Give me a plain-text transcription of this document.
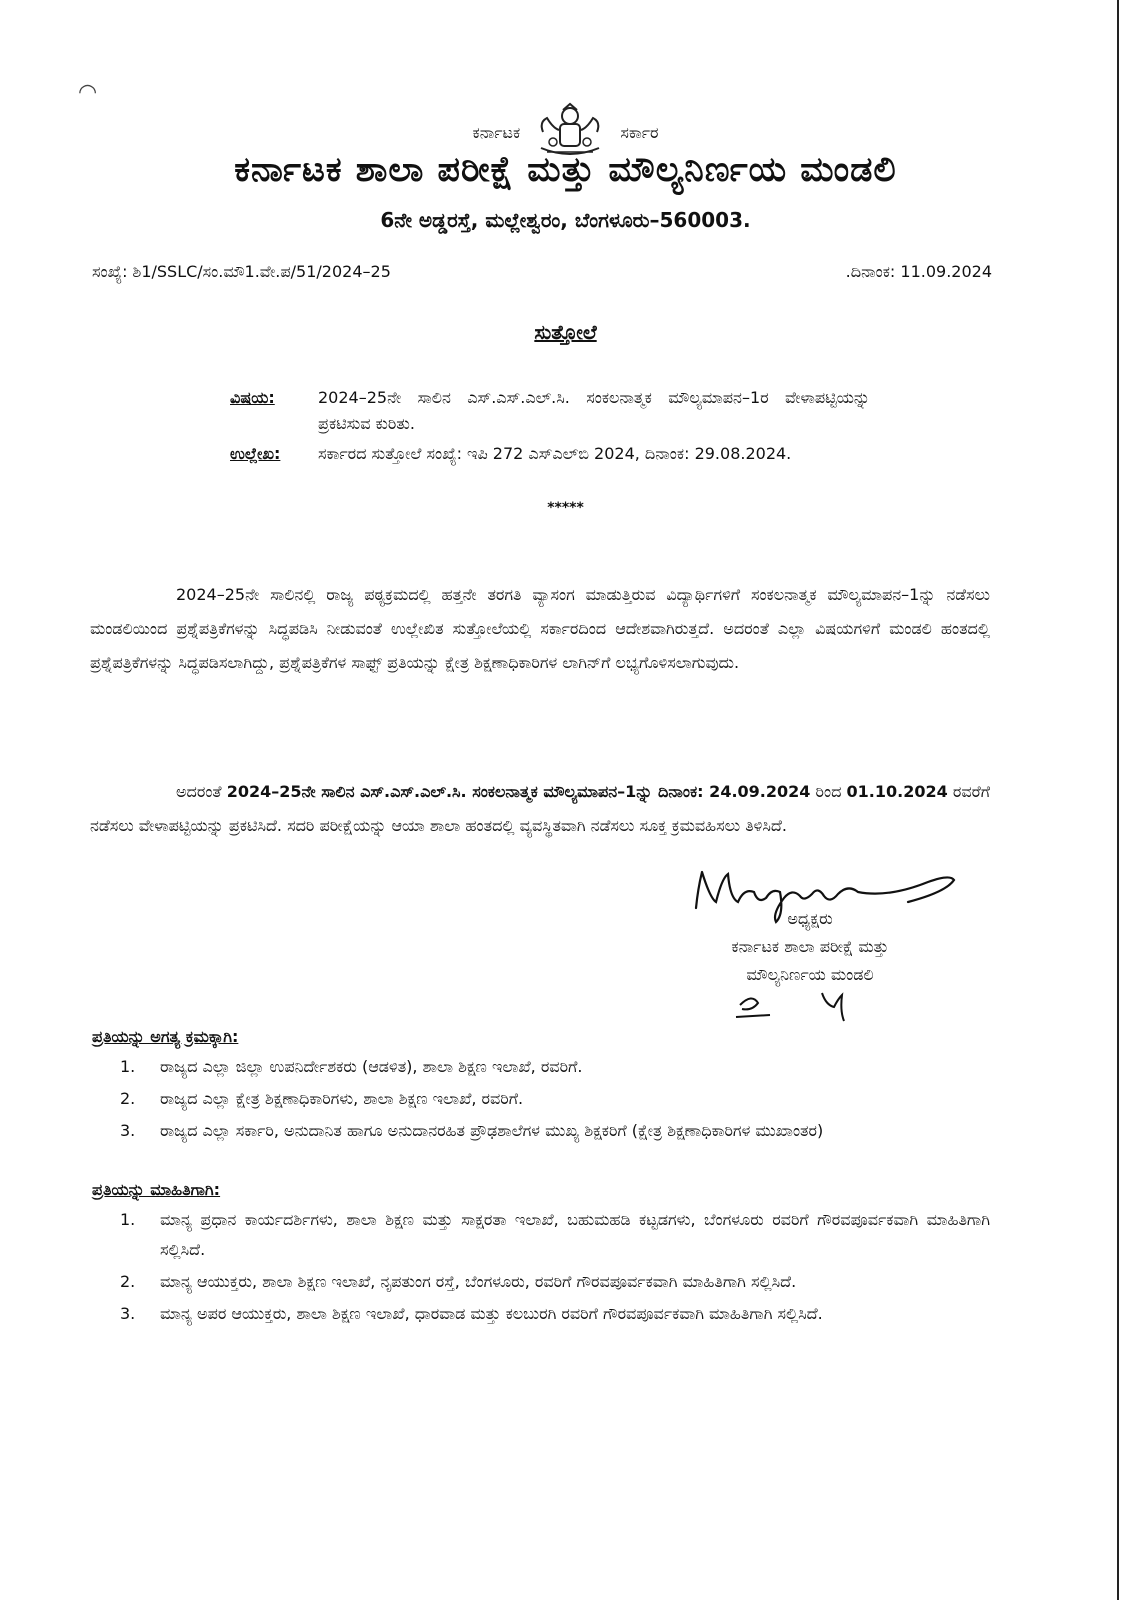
◠
ಕರ್ನಾಟಕ	ಸರ್ಕಾರ
ಕರ್ನಾಟಕ ಶಾಲಾ ಪರೀಕ್ಷೆ ಮತ್ತು ಮೌಲ್ಯನಿರ್ಣಯ ಮಂಡಲಿ
6ನೇ ಅಡ್ಡರಸ್ತೆ, ಮಲ್ಲೇಶ್ವರಂ, ಬೆಂಗಳೂರು–560003.
ಸಂಖ್ಯೆ: ಶಿ1/SSLC/ಸಂ.ಮೌ1.ವೇ.ಪ/51/2024–25	.ದಿನಾಂಕ: 11.09.2024
ಸುತ್ತೋಲೆ
ವಿಷಯ:	2024–25ನೇ ಸಾಲಿನ ಎಸ್.ಎಸ್.ಎಲ್.ಸಿ. ಸಂಕಲನಾತ್ಮಕ ಮೌಲ್ಯಮಾಪನ–1ರ ವೇಳಾಪಟ್ಟಿಯನ್ನು ಪ್ರಕಟಿಸುವ ಕುರಿತು.
ಉಲ್ಲೇಖ:	ಸರ್ಕಾರದ ಸುತ್ತೋಲೆ ಸಂಖ್ಯೆ: ಇಪಿ 272 ಎಸ್‌ಎಲ್‌ಬಿ 2024, ದಿನಾಂಕ: 29.08.2024.
*****
2024–25ನೇ ಸಾಲಿನಲ್ಲಿ ರಾಜ್ಯ ಪಠ್ಯಕ್ರಮದಲ್ಲಿ ಹತ್ತನೇ ತರಗತಿ ವ್ಯಾಸಂಗ ಮಾಡುತ್ತಿರುವ ವಿದ್ಯಾರ್ಥಿಗಳಿಗೆ ಸಂಕಲನಾತ್ಮಕ ಮೌಲ್ಯಮಾಪನ–1ನ್ನು ನಡೆಸಲು ಮಂಡಲಿಯಿಂದ ಪ್ರಶ್ನೆಪತ್ರಿಕೆಗಳನ್ನು ಸಿದ್ಧಪಡಿಸಿ ನೀಡುವಂತೆ ಉಲ್ಲೇಖಿತ ಸುತ್ತೋಲೆಯಲ್ಲಿ ಸರ್ಕಾರದಿಂದ ಆದೇಶವಾಗಿರುತ್ತದೆ. ಅದರಂತೆ ಎಲ್ಲಾ ವಿಷಯಗಳಿಗೆ ಮಂಡಲಿ ಹಂತದಲ್ಲಿ ಪ್ರಶ್ನೆಪತ್ರಿಕೆಗಳನ್ನು ಸಿದ್ಧಪಡಿಸಲಾಗಿದ್ದು, ಪ್ರಶ್ನೆಪತ್ರಿಕೆಗಳ ಸಾಫ್ಟ್ ಪ್ರತಿಯನ್ನು ಕ್ಷೇತ್ರ ಶಿಕ್ಷಣಾಧಿಕಾರಿಗಳ ಲಾಗಿನ್‌ಗೆ ಲಭ್ಯಗೊಳಿಸಲಾಗುವುದು.
ಅದರಂತೆ 2024–25ನೇ ಸಾಲಿನ ಎಸ್.ಎಸ್.ಎಲ್.ಸಿ. ಸಂಕಲನಾತ್ಮಕ ಮೌಲ್ಯಮಾಪನ–1ನ್ನು ದಿನಾಂಕ: 24.09.2024 ರಿಂದ 01.10.2024 ರವರೆಗೆ ನಡೆಸಲು ವೇಳಾಪಟ್ಟಿಯನ್ನು ಪ್ರಕಟಿಸಿದೆ. ಸದರಿ ಪರೀಕ್ಷೆಯನ್ನು ಆಯಾ ಶಾಲಾ ಹಂತದಲ್ಲಿ ವ್ಯವಸ್ಥಿತವಾಗಿ ನಡೆಸಲು ಸೂಕ್ತ ಕ್ರಮವಹಿಸಲು ತಿಳಿಸಿದೆ.
ಅಧ್ಯಕ್ಷರು
ಕರ್ನಾಟಕ ಶಾಲಾ ಪರೀಕ್ಷೆ ಮತ್ತು
ಮೌಲ್ಯನಿರ್ಣಯ ಮಂಡಲಿ
ಪ್ರತಿಯನ್ನು ಅಗತ್ಯ ಕ್ರಮಕ್ಕಾಗಿ:
1.	ರಾಜ್ಯದ ಎಲ್ಲಾ ಜಿಲ್ಲಾ ಉಪನಿರ್ದೇಶಕರು (ಆಡಳಿತ), ಶಾಲಾ ಶಿಕ್ಷಣ ಇಲಾಖೆ, ರವರಿಗೆ.
2.	ರಾಜ್ಯದ ಎಲ್ಲಾ ಕ್ಷೇತ್ರ ಶಿಕ್ಷಣಾಧಿಕಾರಿಗಳು, ಶಾಲಾ ಶಿಕ್ಷಣ ಇಲಾಖೆ, ರವರಿಗೆ.
3.	ರಾಜ್ಯದ ಎಲ್ಲಾ ಸರ್ಕಾರಿ, ಅನುದಾನಿತ ಹಾಗೂ ಅನುದಾನರಹಿತ ಪ್ರೌಢಶಾಲೆಗಳ ಮುಖ್ಯ ಶಿಕ್ಷಕರಿಗೆ (ಕ್ಷೇತ್ರ ಶಿಕ್ಷಣಾಧಿಕಾರಿಗಳ ಮುಖಾಂತರ)
ಪ್ರತಿಯನ್ನು ಮಾಹಿತಿಗಾಗಿ:
1.	ಮಾನ್ಯ ಪ್ರಧಾನ ಕಾರ್ಯದರ್ಶಿಗಳು, ಶಾಲಾ ಶಿಕ್ಷಣ ಮತ್ತು ಸಾಕ್ಷರತಾ ಇಲಾಖೆ, ಬಹುಮಹಡಿ ಕಟ್ಟಡಗಳು, ಬೆಂಗಳೂರು ರವರಿಗೆ ಗೌರವಪೂರ್ವಕವಾಗಿ ಮಾಹಿತಿಗಾಗಿ ಸಲ್ಲಿಸಿದೆ.
2.	ಮಾನ್ಯ ಆಯುಕ್ತರು, ಶಾಲಾ ಶಿಕ್ಷಣ ಇಲಾಖೆ, ನೃಪತುಂಗ ರಸ್ತೆ, ಬೆಂಗಳೂರು, ರವರಿಗೆ ಗೌರವಪೂರ್ವಕವಾಗಿ ಮಾಹಿತಿಗಾಗಿ ಸಲ್ಲಿಸಿದೆ.
3.	ಮಾನ್ಯ ಅಪರ ಆಯುಕ್ತರು, ಶಾಲಾ ಶಿಕ್ಷಣ ಇಲಾಖೆ, ಧಾರವಾಡ ಮತ್ತು ಕಲಬುರಗಿ ರವರಿಗೆ ಗೌರವಪೂರ್ವಕವಾಗಿ ಮಾಹಿತಿಗಾಗಿ ಸಲ್ಲಿಸಿದೆ.
